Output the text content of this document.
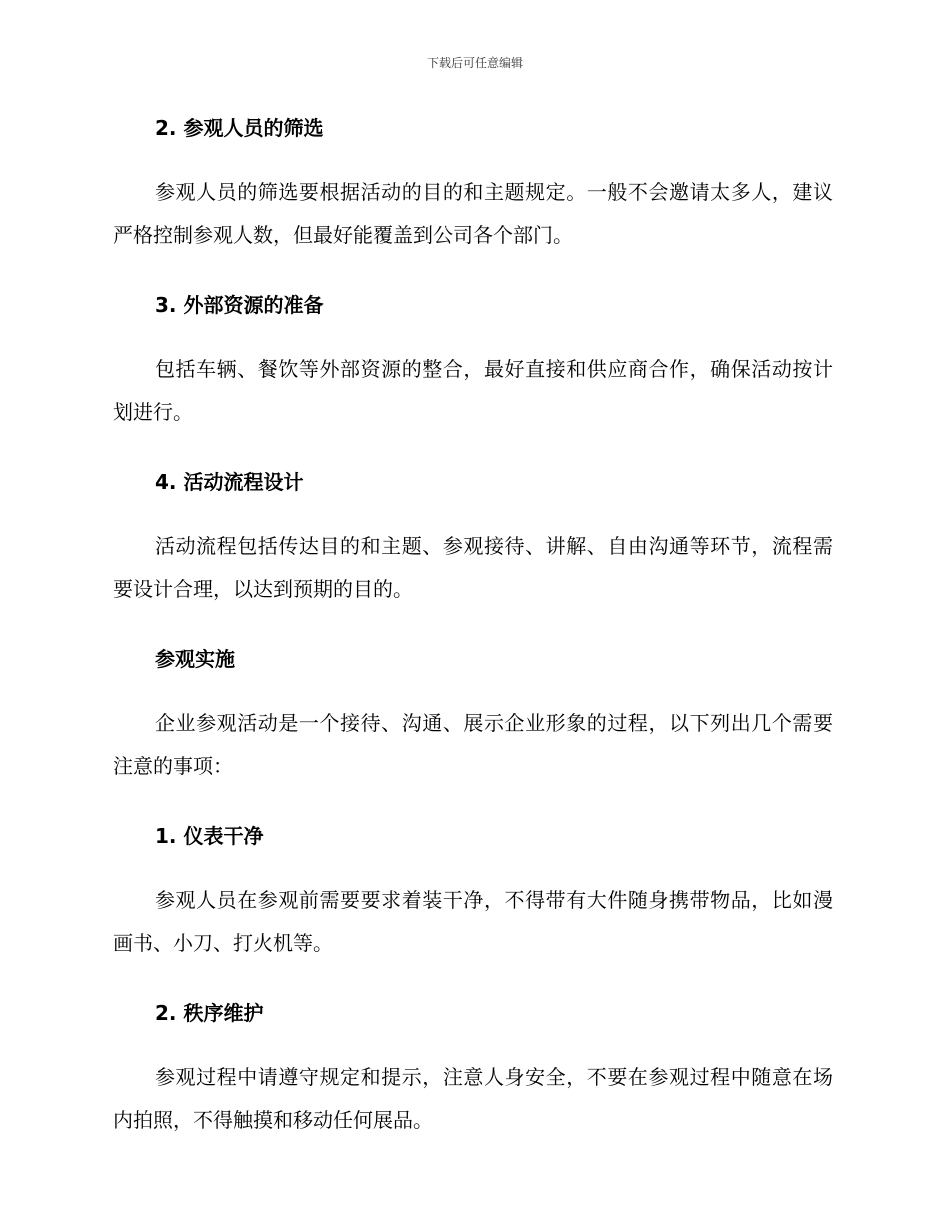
下载后可任意编辑
2. 参观人员的筛选

参观人员的筛选要根据活动的目的和主题规定。一般不会邀请太多人，建议严格控制参观人数，但最好能覆盖到公司各个部门。

3. 外部资源的准备

包括车辆、餐饮等外部资源的整合，最好直接和供应商合作，确保活动按计划进行。

4. 活动流程设计

活动流程包括传达目的和主题、参观接待、讲解、自由沟通等环节，流程需要设计合理，以达到预期的目的。

参观实施

企业参观活动是一个接待、沟通、展示企业形象的过程，以下列出几个需要注意的事项：

1. 仪表干净

参观人员在参观前需要要求着装干净，不得带有大件随身携带物品，比如漫画书、小刀、打火机等。

2. 秩序维护

参观过程中请遵守规定和提示，注意人身安全，不要在参观过程中随意在场内拍照，不得触摸和移动任何展品。
